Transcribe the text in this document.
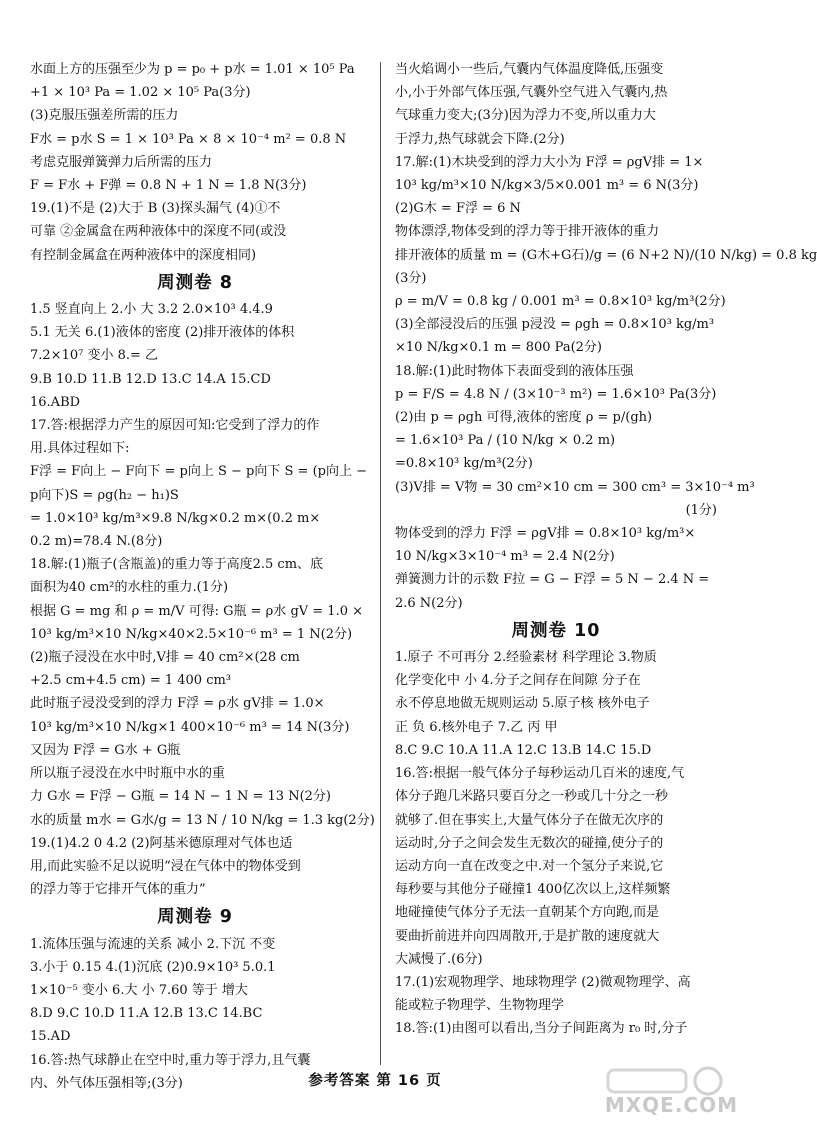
水面上方的压强至少为 p = p₀ + p水 = 1.01 × 10⁵ Pa
+1 × 10³ Pa = 1.02 × 10⁵ Pa(3分)
(3)克服压强差所需的压力
F水 = p水 S = 1 × 10³ Pa × 8 × 10⁻⁴ m² = 0.8 N
考虑克服弹簧弹力后所需的压力
F = F水 + F弹 = 0.8 N + 1 N = 1.8 N(3分)
19.(1)不是 (2)大于 B (3)探头漏气 (4)①不
可靠 ②金属盒在两种液体中的深度不同(或没
有控制金属盒在两种液体中的深度相同)
周测卷 8
1.5 竖直向上 2.小 大 3.2 2.0×10³ 4.4.9
5.1 无关 6.(1)液体的密度 (2)排开液体的体积
7.2×10⁷ 变小 8.= 乙
9.B 10.D 11.B 12.D 13.C 14.A 15.CD
16.ABD
17.答:根据浮力产生的原因可知:它受到了浮力的作
用.具体过程如下:
F浮 = F向上 − F向下 = p向上 S − p向下 S = (p向上 −
p向下)S = ρg(h₂ − h₁)S
= 1.0×10³ kg/m³×9.8 N/kg×0.2 m×(0.2 m×
0.2 m)=78.4 N.(8分)
18.解:(1)瓶子(含瓶盖)的重力等于高度2.5 cm、底
面积为40 cm²的水柱的重力.(1分)
根据 G = mg 和 ρ = m/V 可得: G瓶 = ρ水 gV = 1.0 ×
10³ kg/m³×10 N/kg×40×2.5×10⁻⁶ m³ = 1 N(2分)
(2)瓶子浸没在水中时,V排 = 40 cm²×(28 cm
+2.5 cm+4.5 cm) = 1 400 cm³
此时瓶子浸没受到的浮力 F浮 = ρ水 gV排 = 1.0×
10³ kg/m³×10 N/kg×1 400×10⁻⁶ m³ = 14 N(3分)
又因为 F浮 = G水 + G瓶
所以瓶子浸没在水中时瓶中水的重
力 G水 = F浮 − G瓶 = 14 N − 1 N = 13 N(2分)
水的质量 m水 = G水/g = 13 N / 10 N/kg = 1.3 kg(2分)
19.(1)4.2 0 4.2 (2)阿基米德原理对气体也适
用,而此实验不足以说明“浸在气体中的物体受到
的浮力等于它排开气体的重力”
周测卷 9
1.流体压强与流速的关系 减小 2.下沉 不变
3.小于 0.15 4.(1)沉底 (2)0.9×10³ 5.0.1
1×10⁻⁵ 变小 6.大 小 7.60 等于 增大
8.D 9.C 10.D 11.A 12.B 13.C 14.BC
15.AD
16.答:热气球静止在空中时,重力等于浮力,且气囊
内、外气体压强相等;(3分)
当火焰调小一些后,气囊内气体温度降低,压强变
小,小于外部气体压强,气囊外空气进入气囊内,热
气球重力变大;(3分)因为浮力不变,所以重力大
于浮力,热气球就会下降.(2分)
17.解:(1)木块受到的浮力大小为 F浮 = ρgV排 = 1×
10³ kg/m³×10 N/kg×3/5×0.001 m³ = 6 N(3分)
(2)G木 = F浮 = 6 N
物体漂浮,物体受到的浮力等于排开液体的重力
排开液体的质量 m = (G木+G石)/g = (6 N+2 N)/(10 N/kg) = 0.8 kg
(3分)
ρ = m/V = 0.8 kg / 0.001 m³ = 0.8×10³ kg/m³(2分)
(3)全部浸没后的压强 p浸没 = ρgh = 0.8×10³ kg/m³
×10 N/kg×0.1 m = 800 Pa(2分)
18.解:(1)此时物体下表面受到的液体压强
p = F/S = 4.8 N / (3×10⁻³ m²) = 1.6×10³ Pa(3分)
(2)由 p = ρgh 可得,液体的密度 ρ = p/(gh)
= 1.6×10³ Pa / (10 N/kg × 0.2 m)
=0.8×10³ kg/m³(2分)
(3)V排 = V物 = 30 cm²×10 cm = 300 cm³ = 3×10⁻⁴ m³
(1分)
物体受到的浮力 F浮 = ρgV排 = 0.8×10³ kg/m³×
10 N/kg×3×10⁻⁴ m³ = 2.4 N(2分)
弹簧测力计的示数 F拉 = G − F浮 = 5 N − 2.4 N =
2.6 N(2分)
周测卷 10
1.原子 不可再分 2.经验素材 科学理论 3.物质
化学变化中 小 4.分子之间存在间隙 分子在
永不停息地做无规则运动 5.原子核 核外电子
正 负 6.核外电子 7.乙 丙 甲
8.C 9.C 10.A 11.A 12.C 13.B 14.C 15.D
16.答:根据一般气体分子每秒运动几百米的速度,气
体分子跑几米路只要百分之一秒或几十分之一秒
就够了.但在事实上,大量气体分子在做无次序的
运动时,分子之间会发生无数次的碰撞,使分子的
运动方向一直在改变之中.对一个氢分子来说,它
每秒要与其他分子碰撞1 400亿次以上,这样频繁
地碰撞使气体分子无法一直朝某个方向跑,而是
要曲折前进并向四周散开,于是扩散的速度就大
大减慢了.(6分)
17.(1)宏观物理学、地球物理学 (2)微观物理学、高
能或粒子物理学、生物物理学
18.答:(1)由图可以看出,当分子间距离为 r₀ 时,分子
参考答案 第 16 页
MXQE.COM
